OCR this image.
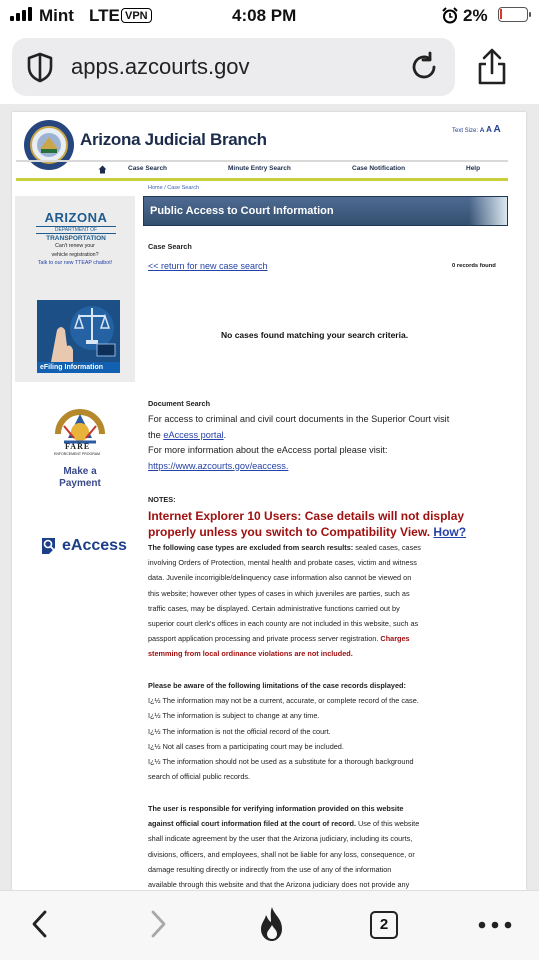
Mint LTE VPN	4:08 PM	2%
apps.azcourts.gov
Arizona Judicial Branch	Text Size: A A A
Case Search	Minute Entry Search	Case Notification	Help
Home / Case Search
ARIZONA
DEPARTMENT OF
TRANSPORTATION
Can't renew your
vehicle registration?
Talk to our new TTEAP chatbot!
eFiling Information
FARE
ENFORCEMENT PROGRAM
Make a
Payment
eAccess
Public Access to Court Information
Case Search
<< return for new case search	0 records found
No cases found matching your search criteria.
Document Search
For access to criminal and civil court documents in the Superior Court visit
the eAccess portal.
For more information about the eAccess portal please visit:
https://www.azcourts.gov/eaccess.
NOTES:
Internet Explorer 10 Users: Case details will not display
properly unless you switch to Compatibility View. How?
The following case types are excluded from search results: sealed cases, cases
involving Orders of Protection, mental health and probate cases, victim and witness
data. Juvenile incorrigible/delinquency case information also cannot be viewed on
this website; however other types of cases in which juveniles are parties, such as
traffic cases, may be displayed. Certain administrative functions carried out by
superior court clerk's offices in each county are not included in this website, such as
passport application processing and private process server registration. Charges
stemming from local ordinance violations are not included.
Please be aware of the following limitations of the case records displayed:
ï¿½ The information may not be a current, accurate, or complete record of the case.
ï¿½ The information is subject to change at any time.
ï¿½ The information is not the official record of the court.
ï¿½ Not all cases from a participating court may be included.
ï¿½ The information should not be used as a substitute for a thorough background
search of official public records.
The user is responsible for verifying information provided on this website
against official court information filed at the court of record. Use of this website
shall indicate agreement by the user that the Arizona judiciary, including its courts,
divisions, officers, and employees, shall not be liable for any loss, consequence, or
damage resulting directly or indirectly from the use of any of the information
available through this website and that the Arizona judiciary does not provide any
2
